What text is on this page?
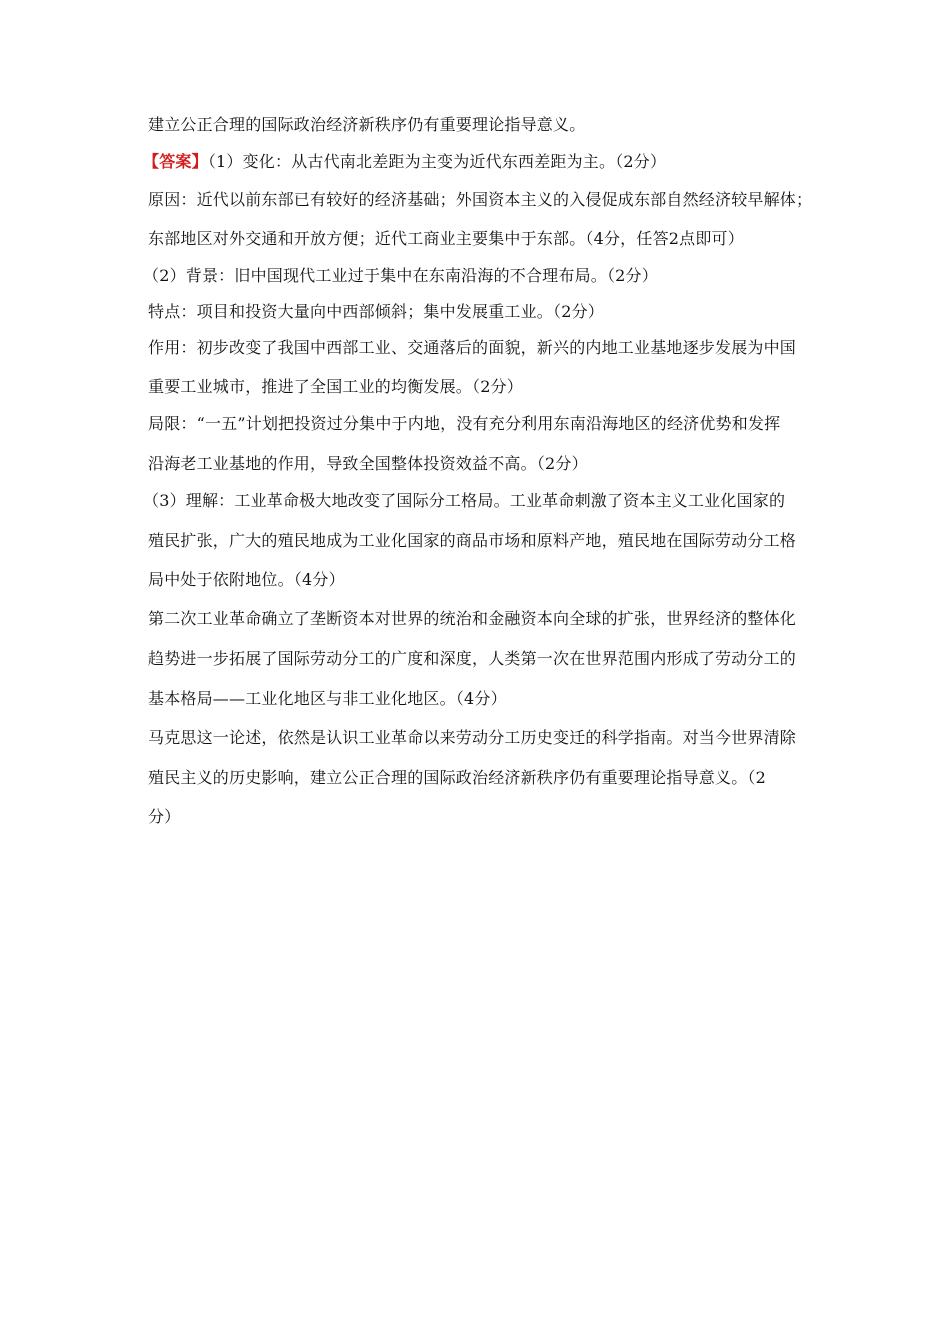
建立公正合理的国际政治经济新秩序仍有重要理论指导意义。
【答案】（1）变化：从古代南北差距为主变为近代东西差距为主。（2分）
原因：近代以前东部已有较好的经济基础；外国资本主义的入侵促成东部自然经济较早解体；
东部地区对外交通和开放方便；近代工商业主要集中于东部。（4分，任答2点即可）
（2）背景：旧中国现代工业过于集中在东南沿海的不合理布局。（2分）
特点：项目和投资大量向中西部倾斜；集中发展重工业。（2分）
作用：初步改变了我国中西部工业、交通落后的面貌，新兴的内地工业基地逐步发展为中国
重要工业城市，推进了全国工业的均衡发展。（2分）
局限：“一五”计划把投资过分集中于内地，没有充分利用东南沿海地区的经济优势和发挥
沿海老工业基地的作用，导致全国整体投资效益不高。（2分）
（3）理解：工业革命极大地改变了国际分工格局。工业革命刺激了资本主义工业化国家的
殖民扩张，广大的殖民地成为工业化国家的商品市场和原料产地，殖民地在国际劳动分工格
局中处于依附地位。（4分）
第二次工业革命确立了垄断资本对世界的统治和金融资本向全球的扩张，世界经济的整体化
趋势进一步拓展了国际劳动分工的广度和深度，人类第一次在世界范围内形成了劳动分工的
基本格局——工业化地区与非工业化地区。（4分）
马克思这一论述，依然是认识工业革命以来劳动分工历史变迁的科学指南。对当今世界清除
殖民主义的历史影响，建立公正合理的国际政治经济新秩序仍有重要理论指导意义。（2
分）
